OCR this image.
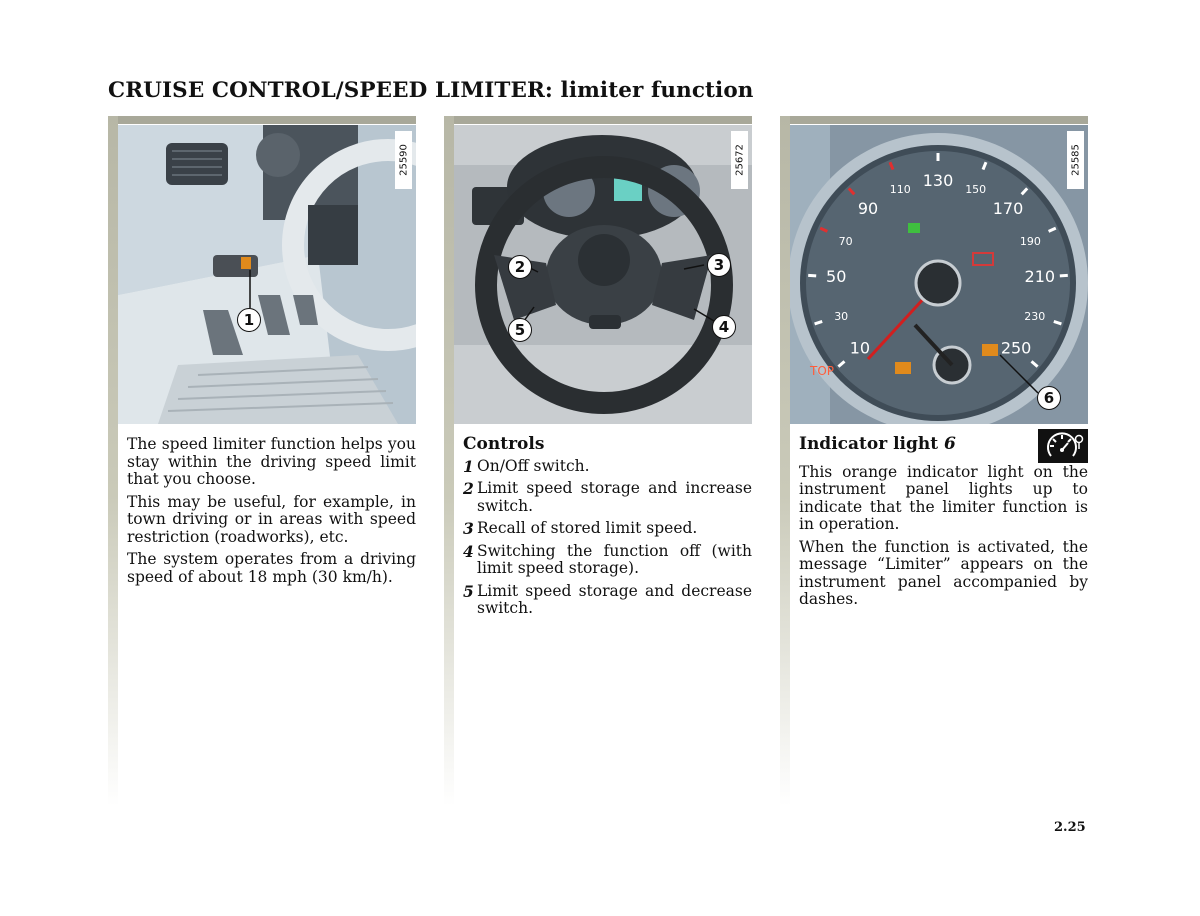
CRUISE CONTROL/SPEED LIMITER: limiter function
25590
1

The speed limiter function helps you stay within the driving speed limit that you choose.

This may be useful, for example, in town driving or in areas with speed restriction (roadworks), etc.

The system operates from a driving speed of about 18 mph (30 km/h).

25672
2	3
5	4
Controls
1 On/Off switch.
2 Limit speed storage and increase switch.
3 Recall of stored limit speed.
4 Switching the function off (with limit speed storage).
5 Limit speed storage and decrease switch.
TOP
10
30
50
70
90
110 130 150
170
190
210
230
250
25585
6
Indicator light 6

This orange indicator light on the instrument panel lights up to indicate that the limiter function is in operation.

When the function is activated, the message “Limiter” appears on the instrument panel accompanied by dashes.

2.25
